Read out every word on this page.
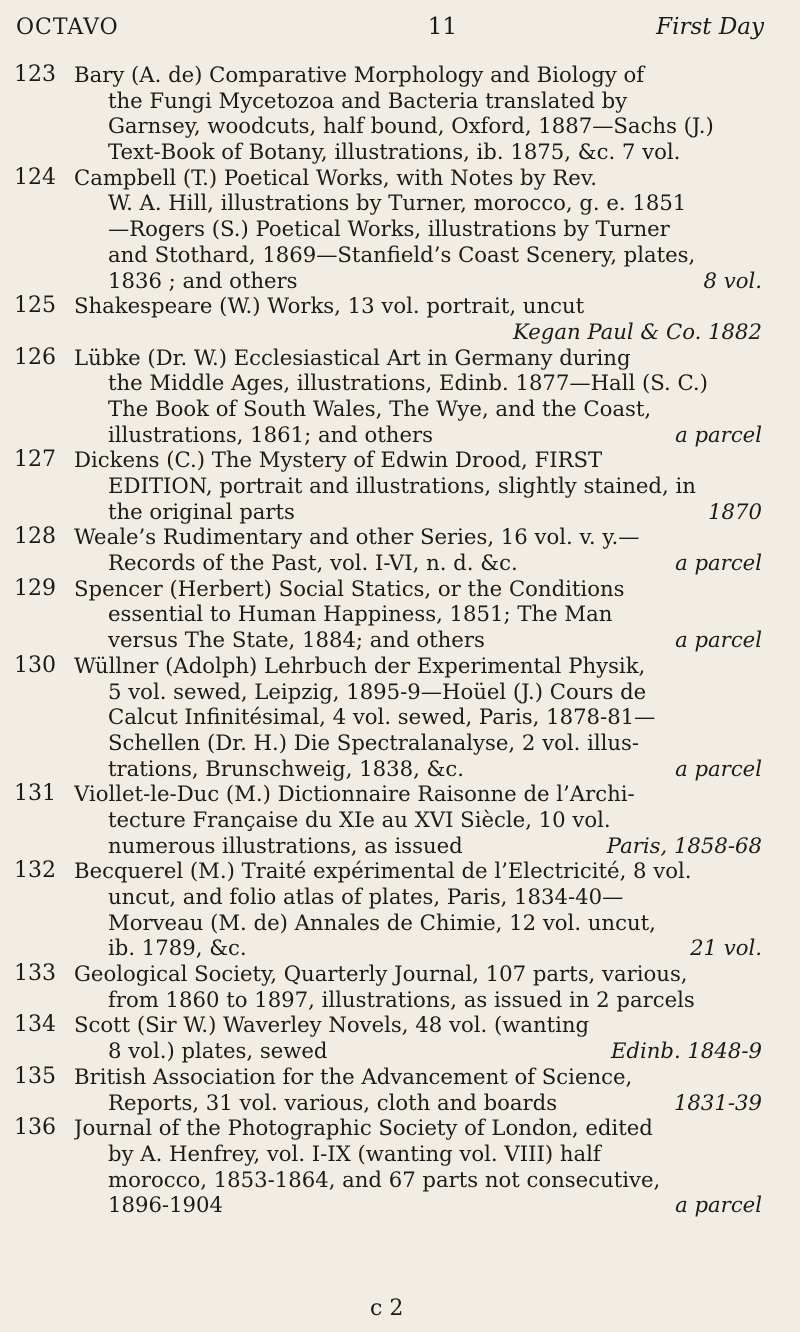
OCTAVO	11	First Day
123 Bary (A. de) Comparative Morphology and Biology of
the Fungi Mycetozoa and Bacteria translated by
Garnsey, woodcuts, half bound, Oxford, 1887—Sachs (J.)
Text-Book of Botany, illustrations, ib. 1875, &c. 7 vol.
124 Campbell (T.) Poetical Works, with Notes by Rev.
W. A. Hill, illustrations by Turner, morocco, g. e. 1851
—Rogers (S.) Poetical Works, illustrations by Turner
and Stothard, 1869—Stanfield’s Coast Scenery, plates,
1836 ; and others	8 vol.
125 Shakespeare (W.) Works, 13 vol. portrait, uncut
Kegan Paul & Co. 1882
126 Lübke (Dr. W.) Ecclesiastical Art in Germany during
the Middle Ages, illustrations, Edinb. 1877—Hall (S. C.)
The Book of South Wales, The Wye, and the Coast,
illustrations, 1861; and others	a parcel
127 Dickens (C.) The Mystery of Edwin Drood, FIRST
EDITION, portrait and illustrations, slightly stained, in
the original parts	1870
128 Weale’s Rudimentary and other Series, 16 vol. v. y.—
Records of the Past, vol. I-VI, n. d. &c.	a parcel
129 Spencer (Herbert) Social Statics, or the Conditions
essential to Human Happiness, 1851; The Man
versus The State, 1884; and others	a parcel
130 Wüllner (Adolph) Lehrbuch der Experimental Physik,
5 vol. sewed, Leipzig, 1895-9—Hoüel (J.) Cours de
Calcut Infinitésimal, 4 vol. sewed, Paris, 1878-81—
Schellen (Dr. H.) Die Spectralanalyse, 2 vol. illus-
trations, Brunschweig, 1838, &c.	a parcel
131 Viollet-le-Duc (M.) Dictionnaire Raisonne de l’Archi-
tecture Française du XIe au XVI Siècle, 10 vol.
numerous illustrations, as issued	Paris, 1858-68
132 Becquerel (M.) Traité expérimental de l’Electricité, 8 vol.
uncut, and folio atlas of plates, Paris, 1834-40—
Morveau (M. de) Annales de Chimie, 12 vol. uncut,
ib. 1789, &c.	21 vol.
133 Geological Society, Quarterly Journal, 107 parts, various,
from 1860 to 1897, illustrations, as issued in 2 parcels
134 Scott (Sir W.) Waverley Novels, 48 vol. (wanting
8 vol.) plates, sewed	Edinb. 1848-9
135 British Association for the Advancement of Science,
Reports, 31 vol. various, cloth and boards	1831-39
136 Journal of the Photographic Society of London, edited
by A. Henfrey, vol. I-IX (wanting vol. VIII) half
morocco, 1853-1864, and 67 parts not consecutive,
1896-1904	a parcel
c 2
